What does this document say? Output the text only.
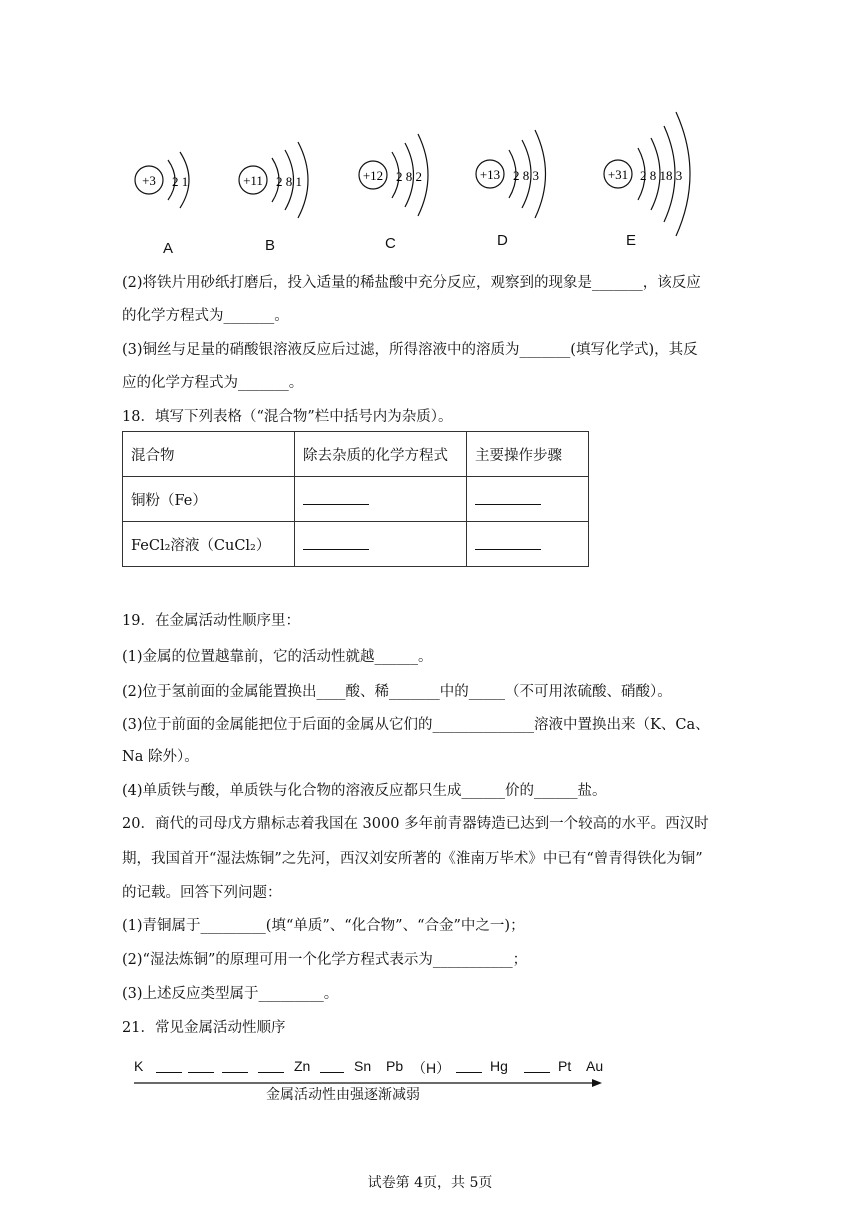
+3 2 1	+11 2 8 1	+12 2 8 2	+13 2 8 3	+31 2 8 18 3
A	B	C	D	E
(2)将铁片用砂纸打磨后，投入适量的稀盐酸中充分反应，观察到的现象是_______，该反应
的化学方程式为_______。
(3)铜丝与足量的硝酸银溶液反应后过滤，所得溶液中的溶质为_______(填写化学式)，其反
应的化学方程式为_______。
18．填写下列表格（“混合物”栏中括号内为杂质）。
混合物	除去杂质的化学方程式	主要操作步骤
铜粉（Fe）		
FeCl₂溶液（CuCl₂）		
19．在金属活动性顺序里：
(1)金属的位置越靠前，它的活动性就越______。
(2)位于氢前面的金属能置换出____酸、稀_______中的_____（不可用浓硫酸、硝酸）。
(3)位于前面的金属能把位于后面的金属从它们的______________溶液中置换出来（K、Ca、
Na 除外）。
(4)单质铁与酸，单质铁与化合物的溶液反应都只生成______价的______盐。
20．商代的司母戊方鼎标志着我国在 3000 多年前青器铸造已达到一个较高的水平。西汉时
期，我国首开“湿法炼铜”之先河，西汉刘安所著的《淮南万毕术》中已有“曾青得铁化为铜”
的记载。回答下列问题：
(1)青铜属于_________(填“单质”、“化合物”、“合金”中之一)；
(2)“湿法炼铜”的原理可用一个化学方程式表示为___________；
(3)上述反应类型属于_________。
21．常见金属活动性顺序
K	Zn	Sn Pb （H）	Hg	Pt Au
金属活动性由强逐渐减弱
试卷第 4页，共 5页
